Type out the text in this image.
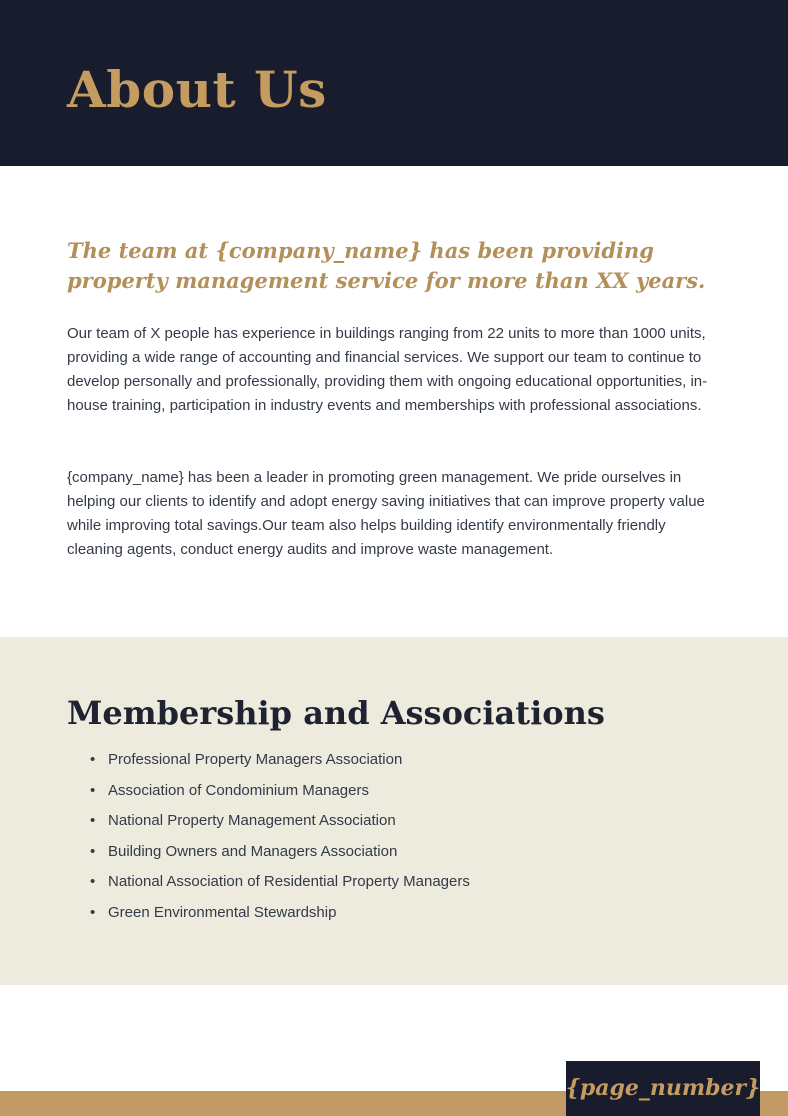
About Us
The team at {company_name} has been providing property management service for more than XX years.
Our team of X people has experience in buildings ranging from 22 units to more than 1000 units, providing a wide range of accounting and financial services. We support our team to continue to develop personally and professionally, providing them with ongoing educational opportunities, in-house training, participation in industry events and memberships with professional associations.
{company_name} has been a leader in promoting green management. We pride ourselves in helping our clients to identify and adopt energy saving initiatives that can improve property value while improving total savings.Our team also helps building identify environmentally friendly cleaning agents, conduct energy audits and improve waste management.
Membership and Associations
• Professional Property Managers Association
• Association of Condominium Managers
• National Property Management Association
• Building Owners and Managers Association
• National Association of Residential Property Managers
• Green Environmental Stewardship
{page_number}
